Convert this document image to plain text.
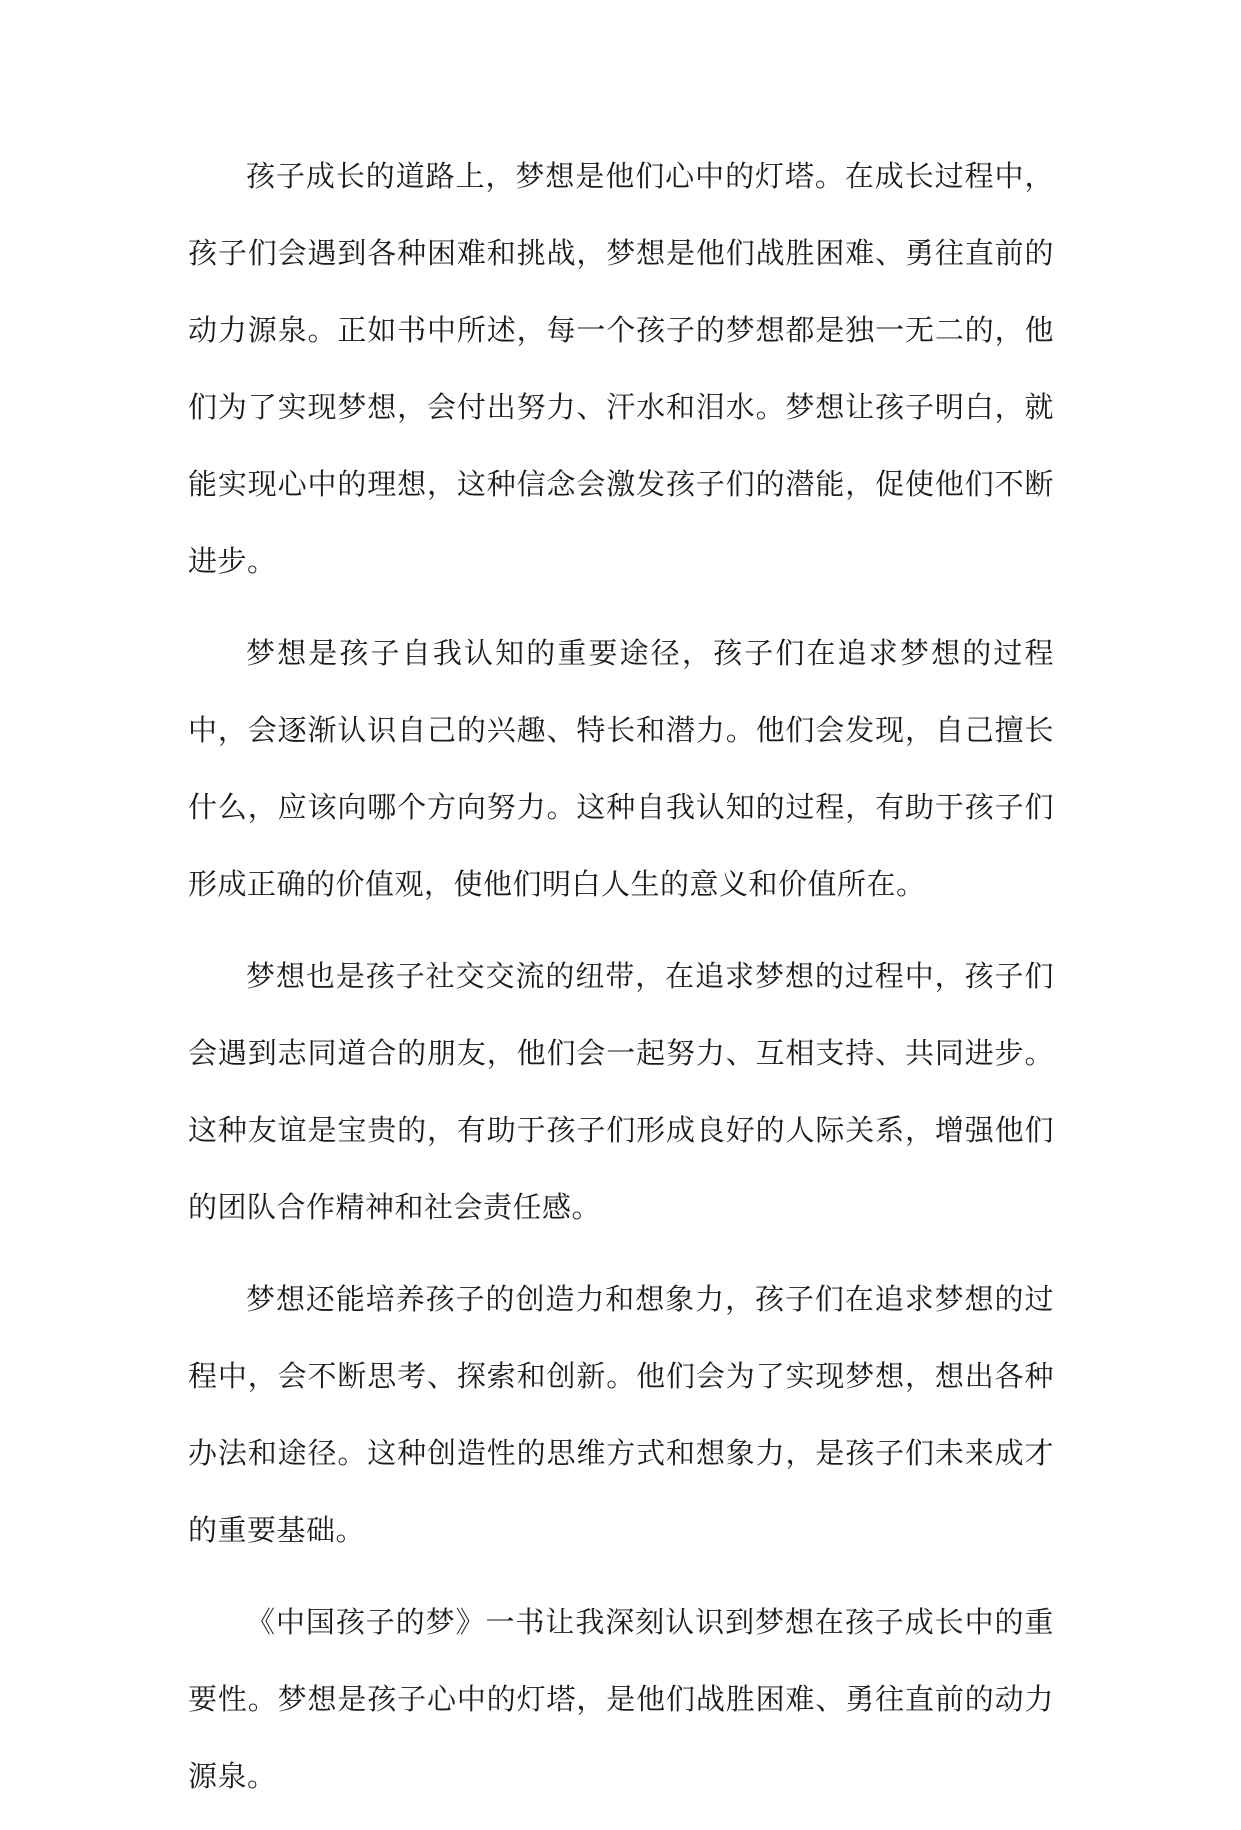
孩子成长的道路上，梦想是他们心中的灯塔。在成长过程中，孩子们会遇到各种困难和挑战，梦想是他们战胜困难、勇往直前的动力源泉。正如书中所述，每一个孩子的梦想都是独一无二的，他们为了实现梦想，会付出努力、汗水和泪水。梦想让孩子明白，就能实现心中的理想，这种信念会激发孩子们的潜能，促使他们不断进步。

梦想是孩子自我认知的重要途径，孩子们在追求梦想的过程中，会逐渐认识自己的兴趣、特长和潜力。他们会发现，自己擅长什么，应该向哪个方向努力。这种自我认知的过程，有助于孩子们形成正确的价值观，使他们明白人生的意义和价值所在。

梦想也是孩子社交交流的纽带，在追求梦想的过程中，孩子们会遇到志同道合的朋友，他们会一起努力、互相支持、共同进步。这种友谊是宝贵的，有助于孩子们形成良好的人际关系，增强他们的团队合作精神和社会责任感。

梦想还能培养孩子的创造力和想象力，孩子们在追求梦想的过程中，会不断思考、探索和创新。他们会为了实现梦想，想出各种办法和途径。这种创造性的思维方式和想象力，是孩子们未来成才的重要基础。

《中国孩子的梦》一书让我深刻认识到梦想在孩子成长中的重要性。梦想是孩子心中的灯塔，是他们战胜困难、勇往直前的动力源泉。
